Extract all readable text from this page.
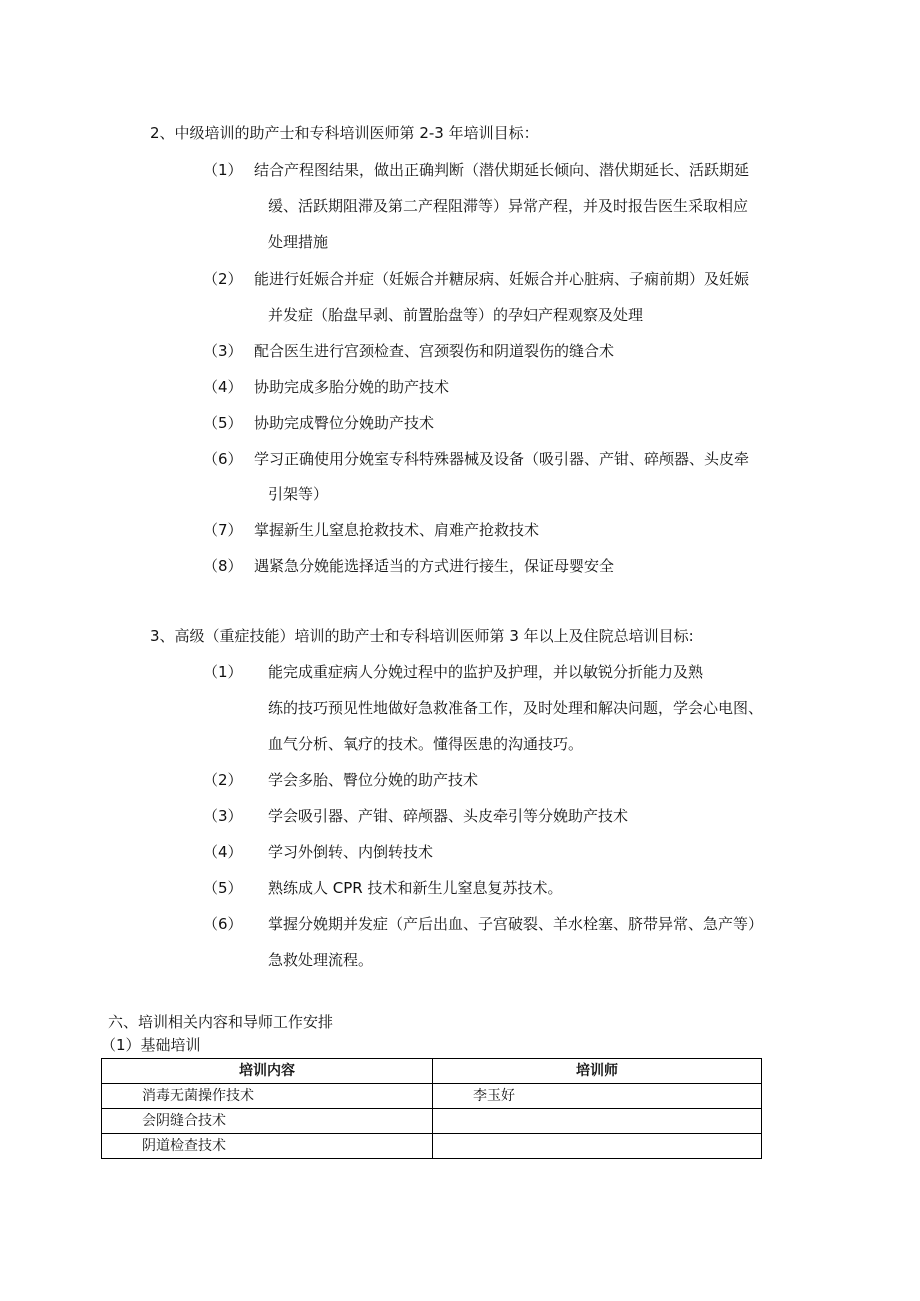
2、中级培训的助产士和专科培训医师第 2-3 年培训目标：
（1） 结合产程图结果，做出正确判断（潜伏期延长倾向、潜伏期延长、活跃期延
缓、活跃期阻滞及第二产程阻滞等）异常产程，并及时报告医生采取相应
处理措施
（2） 能进行妊娠合并症（妊娠合并糖尿病、妊娠合并心脏病、子痫前期）及妊娠
并发症（胎盘早剥、前置胎盘等）的孕妇产程观察及处理
（3） 配合医生进行宫颈检查、宫颈裂伤和阴道裂伤的缝合术
（4） 协助完成多胎分娩的助产技术
（5） 协助完成臀位分娩助产技术
（6） 学习正确使用分娩室专科特殊器械及设备（吸引器、产钳、碎颅器、头皮牵
引架等）
（7） 掌握新生儿窒息抢救技术、肩难产抢救技术
（8） 遇紧急分娩能选择适当的方式进行接生，保证母婴安全
3、高级（重症技能）培训的助产士和专科培训医师第 3 年以上及住院总培训目标:
（1） 能完成重症病人分娩过程中的监护及护理，并以敏锐分折能力及熟
练的技巧预见性地做好急救准备工作，及时处理和解决问题，学会心电图、
血气分析、氧疗的技术。懂得医患的沟通技巧。
（2） 学会多胎、臀位分娩的助产技术
（3） 学会吸引器、产钳、碎颅器、头皮牵引等分娩助产技术
（4） 学习外倒转、内倒转技术
（5） 熟练成人 CPR 技术和新生儿窒息复苏技术。
（6） 掌握分娩期并发症（产后出血、子宫破裂、羊水栓塞、脐带异常、急产等）
急救处理流程。
六、培训相关内容和导师工作安排
（1）基础培训
培训内容	培训师
消毒无菌操作技术	李玉好
会阴缝合技术	
阴道检查技术	
